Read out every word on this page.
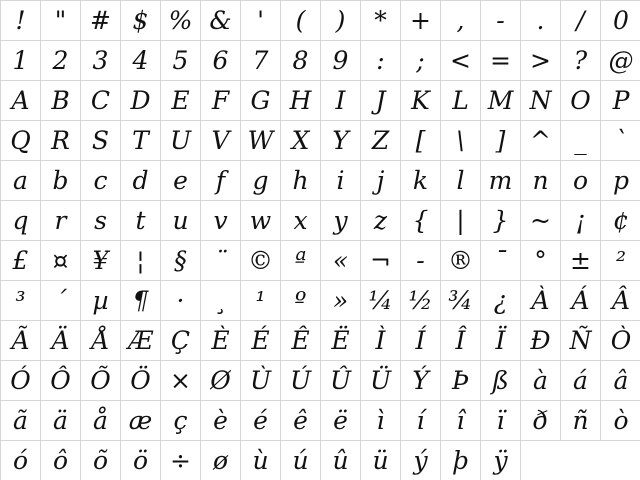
!	" # $ % &	'	(	)	* +	,	-	.	/	0
1 2 3 4 5 6 7 8 9	:	;	< = > ? @
A B C D E F G H I	J	K L M N O P
Q R S T U V W X Y Z	[	\	] ^ _	`
a b c d e	f	g h	i	j	k	l m n o p
q	r	s	t	u v w x	y	z	{	|	} ~ ¡	¢
£ ¤ ¥	¦	§	¨ © ª	« ¬	- ® ¯	° ±	²
³	´	µ ¶	·	¸	¹	º	» ¼ ½ ¾ ¿ À Á Â
Ã Ä Å Æ Ç È É Ê Ë	Ì	Í	Î	Ï Ð Ñ Ò
Ó Ô Õ Ö × Ø Ù Ú Û Ü Ý Þ ß à	á	â
ã	ä	å æ ç	è	é	ê	ë	ì	í	î	ï	ð ñ ò
ó ô õ ö ÷ ø ù ú û ü ý þ ÿ
